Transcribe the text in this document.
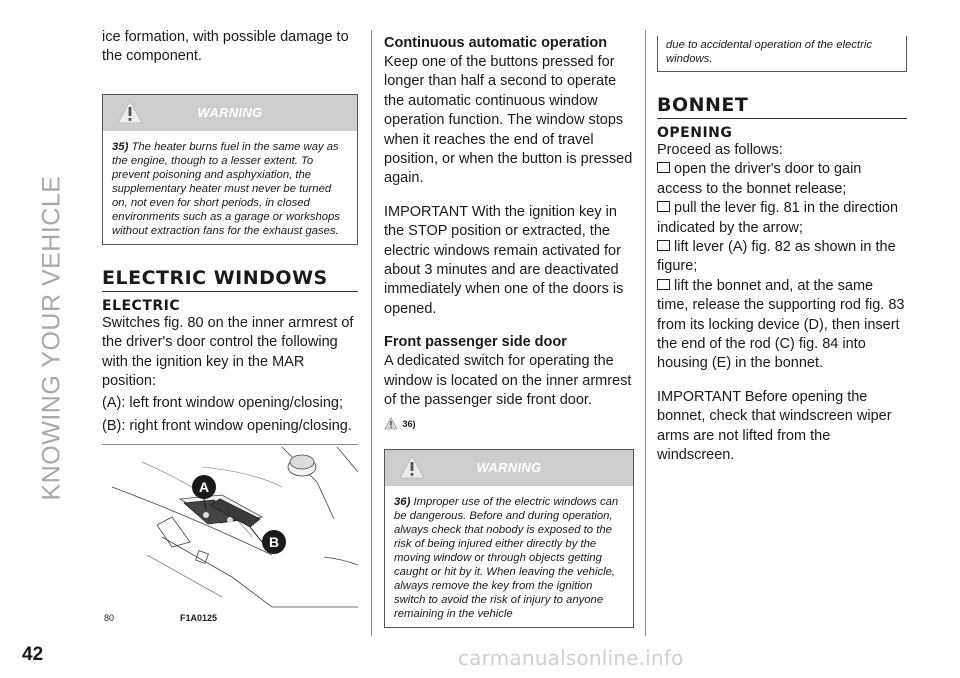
KNOWING YOUR VEHICLE
42	carmanualsonline.info

ice formation, with possible damage to the component.

WARNING
35) The heater burns fuel in the same way as the engine, though to a lesser extent. To prevent poisoning and asphyxiation, the supplementary heater must never be turned on, not even for short periods, in closed environments such as a garage or workshops without extraction fans for the exhaust gases.
ELECTRIC WINDOWS
ELECTRIC

Switches fig. 80 on the inner armrest of the driver's door control the following with the ignition key in the MAR position:

(A): left front window opening/closing;

(B): right front window opening/closing.

A
B
80	F1A0125
Continuous automatic operation

Keep one of the buttons pressed for longer than half a second to operate the automatic continuous window operation function. The window stops when it reaches the end of travel position, or when the button is pressed again.

IMPORTANT With the ignition key in the STOP position or extracted, the electric windows remain activated for about 3 minutes and are deactivated immediately when one of the doors is opened.

Front passenger side door

A dedicated switch for operating the window is located on the inner armrest of the passenger side front door.

36)
WARNING
36) Improper use of the electric windows can be dangerous. Before and during operation, always check that nobody is exposed to the risk of being injured either directly by the moving window or through objects getting caught or hit by it. When leaving the vehicle, always remove the key from the ignition switch to avoid the risk of injury to anyone remaining in the vehicle
due to accidental operation of the electric windows.
BONNET
OPENING

Proceed as follows:

open the driver's door to gain access to the bonnet release;

pull the lever fig. 81 in the direction indicated by the arrow;

lift lever (A) fig. 82 as shown in the figure;

lift the bonnet and, at the same time, release the supporting rod fig. 83 from its locking device (D), then insert the end of the rod (C) fig. 84 into housing (E) in the bonnet.

IMPORTANT Before opening the bonnet, check that windscreen wiper arms are not lifted from the windscreen.
